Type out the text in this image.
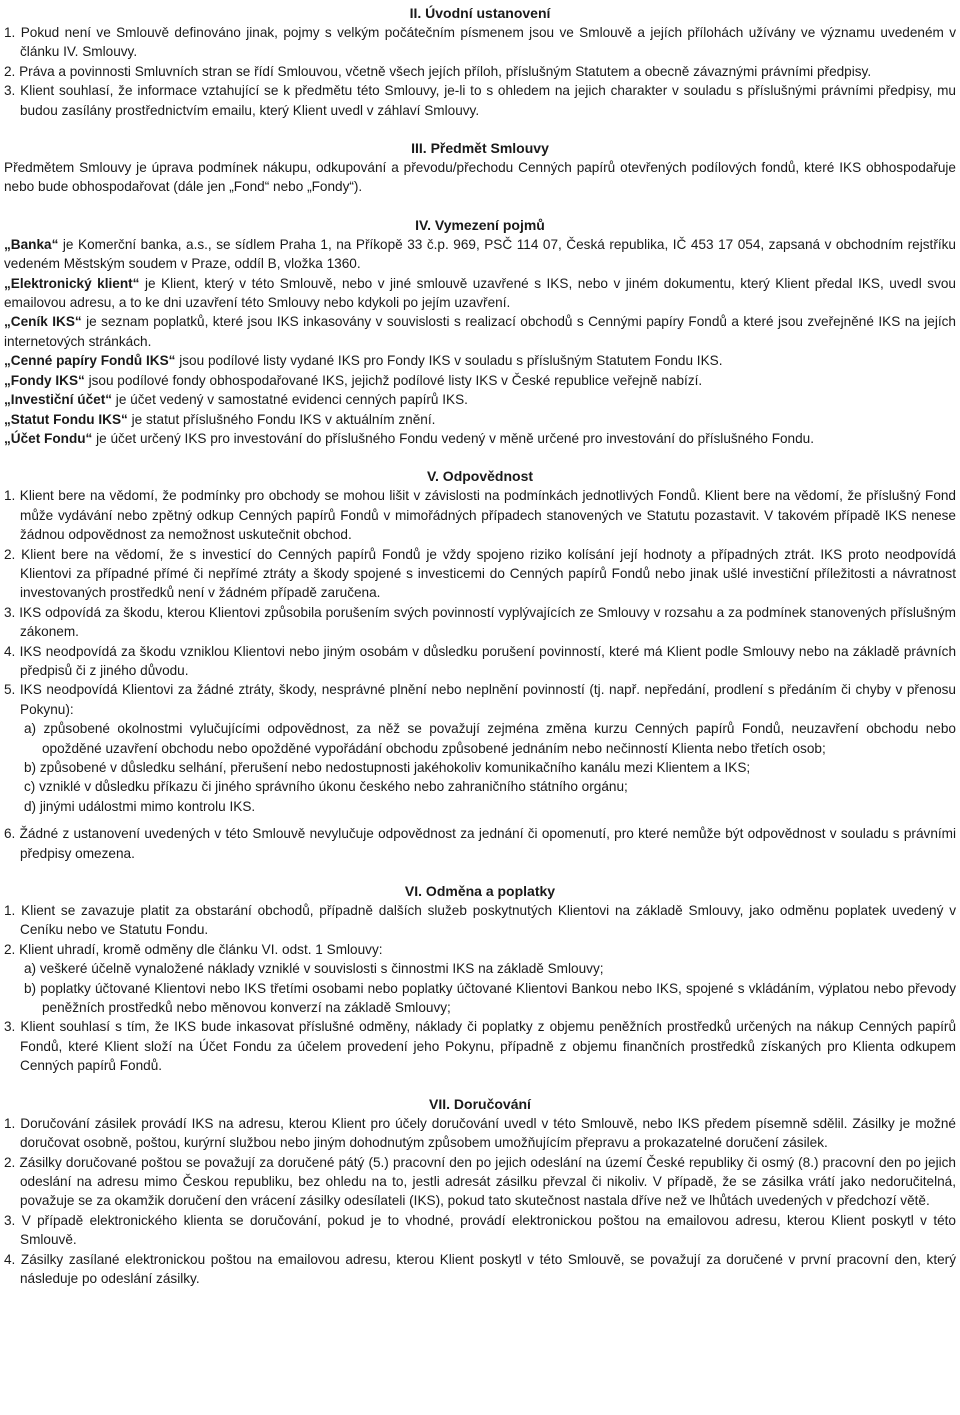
II. Úvodní ustanovení

1. Pokud není ve Smlouvě definováno jinak, pojmy s velkým počátečním písmenem jsou ve Smlouvě a jejích přílohách užívány ve významu uvedeném v článku IV. Smlouvy.

2. Práva a povinnosti Smluvních stran se řídí Smlouvou, včetně všech jejích příloh, příslušným Statutem a obecně závaznými právními předpisy.

3. Klient souhlasí, že informace vztahující se k předmětu této Smlouvy, je-li to s ohledem na jejich charakter v souladu s příslušnými právními předpisy, mu budou zasílány prostřednictvím emailu, který Klient uvedl v záhlaví Smlouvy.

III. Předmět Smlouvy

Předmětem Smlouvy je úprava podmínek nákupu, odkupování a převodu/přechodu Cenných papírů otevřených podílových fondů, které IKS obhospodařuje nebo bude obhospodařovat (dále jen „Fond“ nebo „Fondy“).

IV. Vymezení pojmů

„Banka“ je Komerční banka, a.s., se sídlem Praha 1, na Příkopě 33 č.p. 969, PSČ 114 07, Česká republika, IČ 453 17 054, zapsaná v obchodním rejstříku vedeném Městským soudem v Praze, oddíl B, vložka 1360.

„Elektronický klient“ je Klient, který v této Smlouvě, nebo v jiné smlouvě uzavřené s IKS, nebo v jiném dokumentu, který Klient předal IKS, uvedl svou emailovou adresu, a to ke dni uzavření této Smlouvy nebo kdykoli po jejím uzavření.

„Ceník IKS“ je seznam poplatků, které jsou IKS inkasovány v souvislosti s realizací obchodů s Cennými papíry Fondů a které jsou zveřejněné IKS na jejích internetových stránkách.

„Cenné papíry Fondů IKS“ jsou podílové listy vydané IKS pro Fondy IKS v souladu s příslušným Statutem Fondu IKS.

„Fondy IKS“ jsou podílové fondy obhospodařované IKS, jejichž podílové listy IKS v České republice veřejně nabízí.

„Investiční účet“ je účet vedený v samostatné evidenci cenných papírů IKS.

„Statut Fondu IKS“ je statut příslušného Fondu IKS v aktuálním znění.

„Účet Fondu“ je účet určený IKS pro investování do příslušného Fondu vedený v měně určené pro investování do příslušného Fondu.

V. Odpovědnost

1. Klient bere na vědomí, že podmínky pro obchody se mohou lišit v závislosti na podmínkách jednotlivých Fondů. Klient bere na vědomí, že příslušný Fond může vydávání nebo zpětný odkup Cenných papírů Fondů v mimořádných případech stanovených ve Statutu pozastavit. V takovém případě IKS nenese žádnou odpovědnost za nemožnost uskutečnit obchod.

2. Klient bere na vědomí, že s investicí do Cenných papírů Fondů je vždy spojeno riziko kolísání její hodnoty a případných ztrát. IKS proto neodpovídá Klientovi za případné přímé či nepřímé ztráty a škody spojené s investicemi do Cenných papírů Fondů nebo jinak ušlé investiční příležitosti a návratnost investovaných prostředků není v žádném případě zaručena.

3. IKS odpovídá za škodu, kterou Klientovi způsobila porušením svých povinností vyplývajících ze Smlouvy v rozsahu a za podmínek stanovených příslušným zákonem.

4. IKS neodpovídá za škodu vzniklou Klientovi nebo jiným osobám v důsledku porušení povinností, které má Klient podle Smlouvy nebo na základě právních předpisů či z jiného důvodu.

5. IKS neodpovídá Klientovi za žádné ztráty, škody, nesprávné plnění nebo neplnění povinností (tj. např. nepředání, prodlení s předáním či chyby v přenosu Pokynu):

a) způsobené okolnostmi vylučujícími odpovědnost, za něž se považují zejména změna kurzu Cenných papírů Fondů, neuzavření obchodu nebo opožděné uzavření obchodu nebo opožděné vypořádání obchodu způsobené jednáním nebo nečinností Klienta nebo třetích osob;

b) způsobené v důsledku selhání, přerušení nebo nedostupnosti jakéhokoliv komunikačního kanálu mezi Klientem a IKS;

c) vzniklé v důsledku příkazu či jiného správního úkonu českého nebo zahraničního státního orgánu;

d) jinými událostmi mimo kontrolu IKS.

6. Žádné z ustanovení uvedených v této Smlouvě nevylučuje odpovědnost za jednání či opomenutí, pro které nemůže být odpovědnost v souladu s právními předpisy omezena.

VI. Odměna a poplatky

1. Klient se zavazuje platit za obstarání obchodů, případně dalších služeb poskytnutých Klientovi na základě Smlouvy, jako odměnu poplatek uvedený v Ceníku nebo ve Statutu Fondu.

2. Klient uhradí, kromě odměny dle článku VI. odst. 1 Smlouvy:

a) veškeré účelně vynaložené náklady vzniklé v souvislosti s činnostmi IKS na základě Smlouvy;

b) poplatky účtované Klientovi nebo IKS třetími osobami nebo poplatky účtované Klientovi Bankou nebo IKS, spojené s vkládáním, výplatou nebo převody peněžních prostředků nebo měnovou konverzí na základě Smlouvy;

3. Klient souhlasí s tím, že IKS bude inkasovat příslušné odměny, náklady či poplatky z objemu peněžních prostředků určených na nákup Cenných papírů Fondů, které Klient složí na Účet Fondu za účelem provedení jeho Pokynu, případně z objemu finančních prostředků získaných pro Klienta odkupem Cenných papírů Fondů.

VII. Doručování

1. Doručování zásilek provádí IKS na adresu, kterou Klient pro účely doručování uvedl v této Smlouvě, nebo IKS předem písemně sdělil. Zásilky je možné doručovat osobně, poštou, kurýrní službou nebo jiným dohodnutým způsobem umožňujícím přepravu a prokazatelné doručení zásilek.

2. Zásilky doručované poštou se považují za doručené pátý (5.) pracovní den po jejich odeslání na území České republiky či osmý (8.) pracovní den po jejich odeslání na adresu mimo Českou republiku, bez ohledu na to, jestli adresát zásilku převzal či nikoliv. V případě, že se zásilka vrátí jako nedoručitelná, považuje se za okamžik doručení den vrácení zásilky odesílateli (IKS), pokud tato skutečnost nastala dříve než ve lhůtách uvedených v předchozí větě.

3. V případě elektronického klienta se doručování, pokud je to vhodné, provádí elektronickou poštou na emailovou adresu, kterou Klient poskytl v této Smlouvě.

4. Zásilky zasílané elektronickou poštou na emailovou adresu, kterou Klient poskytl v této Smlouvě, se považují za doručené v první pracovní den, který následuje po odeslání zásilky.
